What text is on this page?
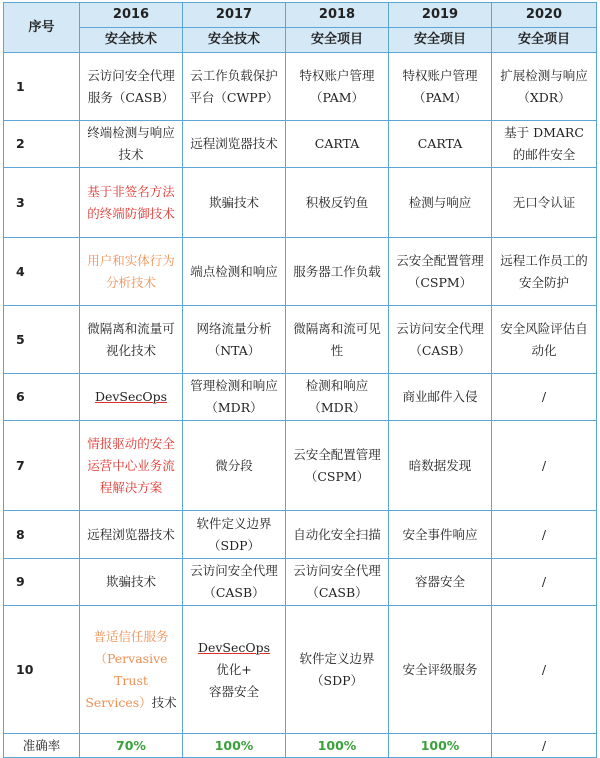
序号	2016	2017	2018	2019	2020
	安全技术	安全技术	安全项目	安全项目	安全项目
1	云访问安全代理服务（CASB）	云工作负载保护平台（CWPP）	特权账户管理（PAM）	特权账户管理（PAM）	扩展检测与响应（XDR）
2	终端检测与响应技术	远程浏览器技术	CARTA	CARTA	基于 DMARC 的邮件安全
3	基于非签名方法的终端防御技术	欺骗技术	积极反钓鱼	检测与响应	无口令认证
4	用户和实体行为分析技术	端点检测和响应	服务器工作负载	云安全配置管理（CSPM）	远程工作员工的安全防护
5	微隔离和流量可视化技术	网络流量分析（NTA）	微隔离和流可见性	云访问安全代理（CASB）	安全风险评估自动化
6	DevSecOps	管理检测和响应（MDR）	检测和响应（MDR）	商业邮件入侵	/
7	情报驱动的安全运营中心业务流程解决方案	微分段	云安全配置管理（CSPM）	暗数据发现	/
8	远程浏览器技术	软件定义边界（SDP）	自动化安全扫描	安全事件响应	/
9	欺骗技术	云访问安全代理（CASB）	云访问安全代理（CASB）	容器安全	/
10	普适信任服务（Pervasive Trust Services）技术	DevSecOps
优化+
容器安全	软件定义边界（SDP）	安全评级服务	/
准确率	70%	100%	100%	100%	/
